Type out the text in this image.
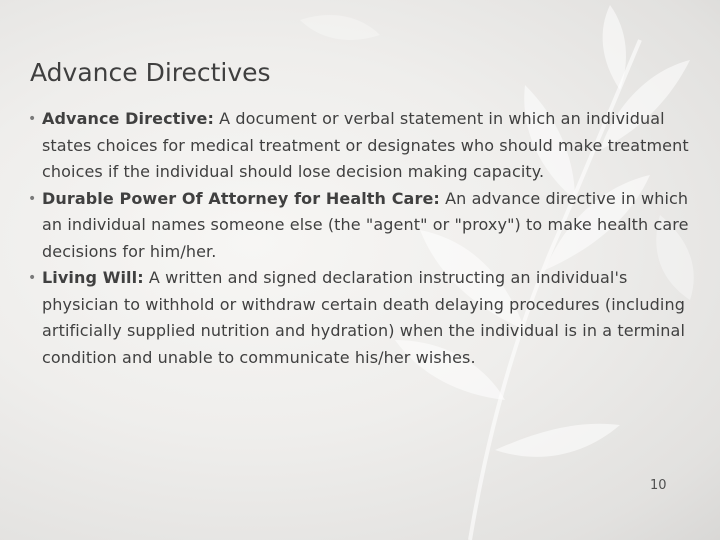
Advance Directives
• Advance Directive: A document or verbal statement in which an individual states choices for medical treatment or designates who should make treatment choices if the individual should lose decision making capacity.
• Durable Power Of Attorney for Health Care: An advance directive in which an individual names someone else (the "agent" or "proxy") to make health care decisions for him/her.
• Living Will: A written and signed declaration instructing an individual's physician to withhold or withdraw certain death delaying procedures (including artificially supplied nutrition and hydration) when the individual is in a terminal condition and unable to communicate his/her wishes.
10
